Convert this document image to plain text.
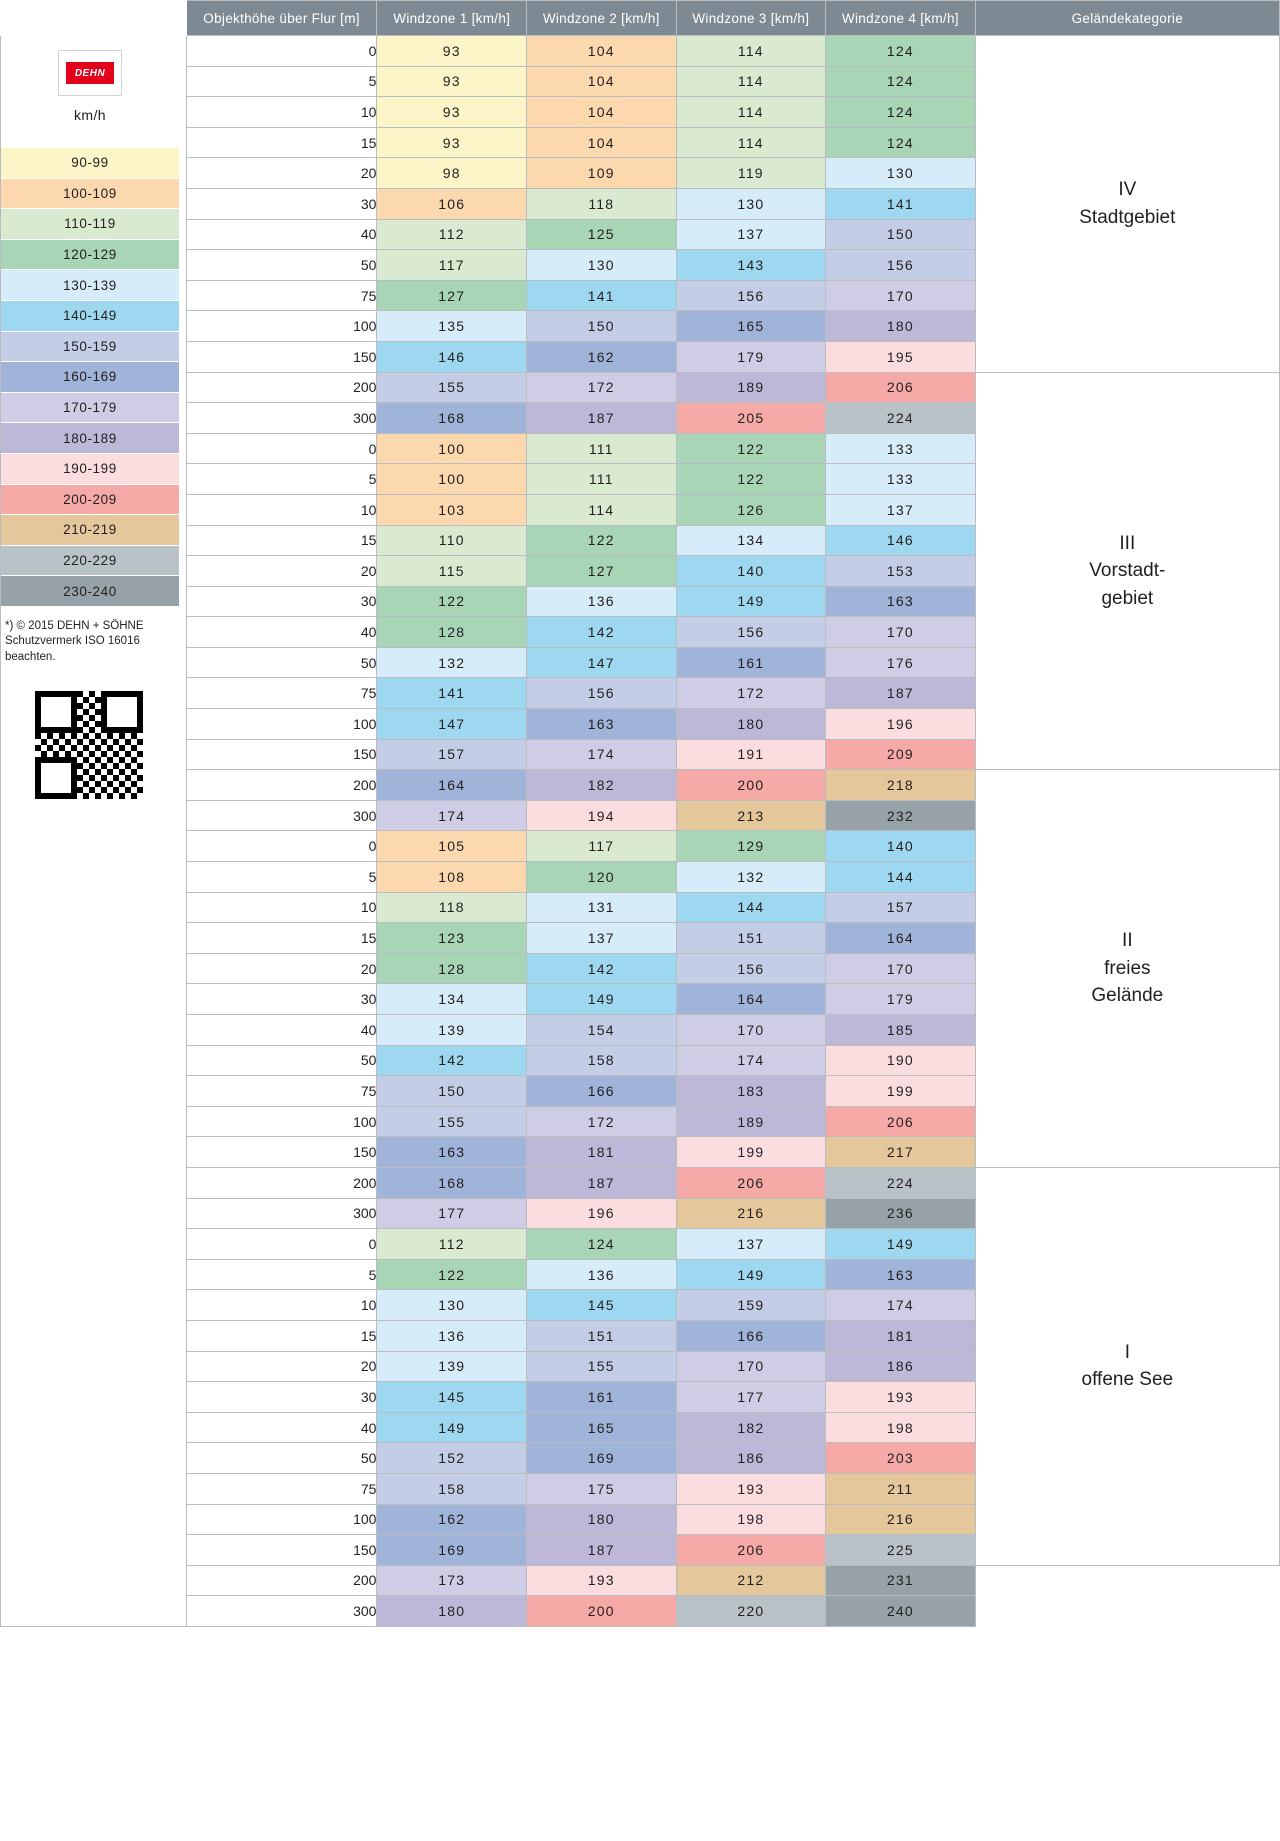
	Objekthöhe über Flur [m]	Windzone 1 [km/h]	Windzone 2 [km/h]	Windzone 3 [km/h]	Windzone 4 [km/h]	Geländekategorie

DEHN
km/h
90-99
100-109
110-119
120-129
130-139
140-149
150-159
160-169
170-179
180-189
190-199
200-209
210-219
220-229
230-240
*) © 2015 DEHN + SÖHNE Schutzvermerk ISO 16016 beachten.
	0	93	104	114	124	
IV
Stadtgebiet

	5	93	104	114	124	
	10	93	104	114	124	
	15	93	104	114	124	
	20	98	109	119	130	
	30	106	118	130	141	
	40	112	125	137	150	
	50	117	130	143	156	
	75	127	141	156	170	
	100	135	150	165	180	
	150	146	162	179	195	
	200	155	172	189	206	III
Vorstadt-
gebiet

	300	168	187	205	224	
	0	100	111	122	133	
	5	100	111	122	133	
	10	103	114	126	137	
	15	110	122	134	146	
	20	115	127	140	153	
	30	122	136	149	163	
	40	128	142	156	170	
	50	132	147	161	176	
	75	141	156	172	187	
	100	147	163	180	196	
	150	157	174	191	209	
	200	164	182	200	218	II
freies
Gelände

	300	174	194	213	232	
	0	105	117	129	140	
	5	108	120	132	144	
	10	118	131	144	157	
	15	123	137	151	164	
	20	128	142	156	170	
	30	134	149	164	179	
	40	139	154	170	185	
	50	142	158	174	190	
	75	150	166	183	199	
	100	155	172	189	206	
	150	163	181	199	217	
	200	168	187	206	224	I
offene See

	300	177	196	216	236	
	0	112	124	137	149	
	5	122	136	149	163	
	10	130	145	159	174	
	15	136	151	166	181	
	20	139	155	170	186	
	30	145	161	177	193	
	40	149	165	182	198	
	50	152	169	186	203	
	75	158	175	193	211	
	100	162	180	198	216	
	150	169	187	206	225	
	200	173	193	212	231	
	300	180	200	220	240	
